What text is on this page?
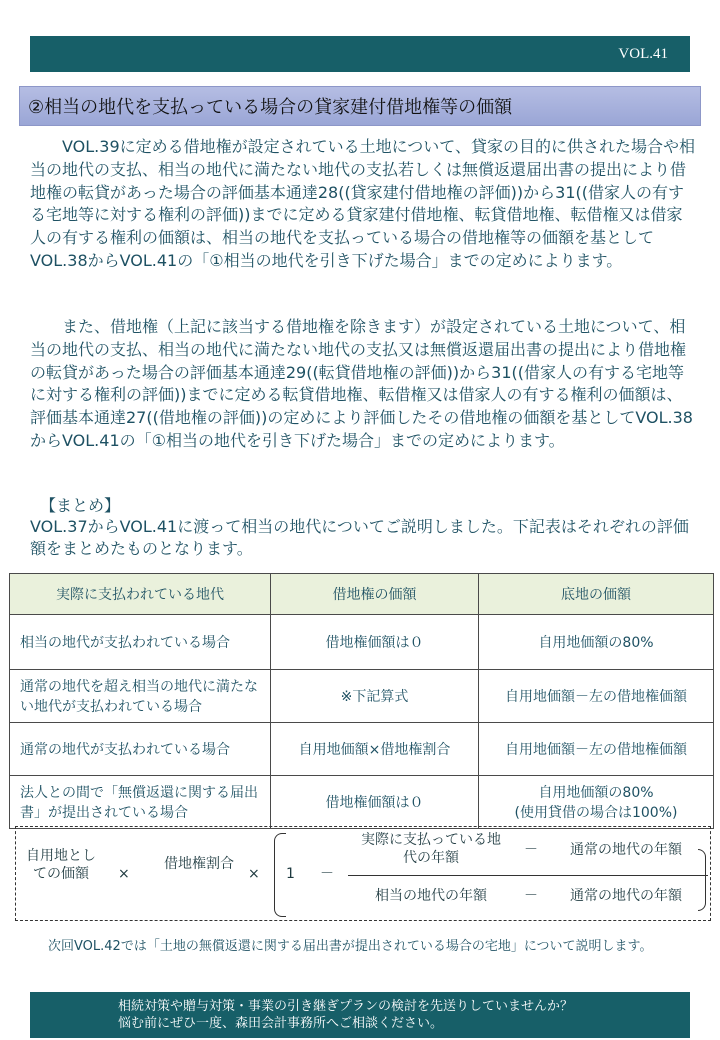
VOL.41
②相当の地代を支払っている場合の貸家建付借地権等の価額

VOL.39に定める借地権が設定されている土地について、貸家の目的に供された場合や相当の地代の支払、相当の地代に満たない地代の支払若しくは無償返還届出書の提出により借地権の転貸があった場合の評価基本通達28((貸家建付借地権の評価))から31((借家人の有する宅地等に対する権利の評価))までに定める貸家建付借地権、転貸借地権、転借権又は借家人の有する権利の価額は、相当の地代を支払っている場合の借地権等の価額を基としてVOL.38からVOL.41の「①相当の地代を引き下げた場合」までの定めによります。

また、借地権（上記に該当する借地権を除きます）が設定されている土地について、相当の地代の支払、相当の地代に満たない地代の支払又は無償返還届出書の提出により借地権の転貸があった場合の評価基本通達29((転貸借地権の評価))から31((借家人の有する宅地等に対する権利の評価))までに定める転貸借地権、転借権又は借家人の有する権利の価額は、評価基本通達27((借地権の評価))の定めにより評価したその借地権の価額を基としてVOL.38からVOL.41の「①相当の地代を引き下げた場合」までの定めによります。

【まとめ】

VOL.37からVOL.41に渡って相当の地代についてご説明しました。下記表はそれぞれの評価額をまとめたものとなります。

実際に支払われている地代	借地権の価額	底地の価額
相当の地代が支払われている場合	借地権価額は０	自用地価額の80%
通常の地代を超え相当の地代に満たない地代が支払われている場合	※下記算式	自用地価額－左の借地権価額
通常の地代が支払われている場合	自用地価額×借地権割合	自用地価額－左の借地権価額
法人との間で「無償返還に関する届出書」が提出されている場合	借地権価額は０	自用地価額の80%
(使用貸借の場合は100%)
自用地としての価額	×
借地権割合
× 1 －
実際に支払っている地代の年額	－	通常の地代の年額
相当の地代の年額	－	通常の地代の年額

次回VOL.42では「土地の無償返還に関する届出書が提出されている場合の宅地」について説明します。

相続対策や贈与対策・事業の引き継ぎプランの検討を先送りしていませんか？
悩む前にぜひ一度、森田会計事務所へご相談ください。
